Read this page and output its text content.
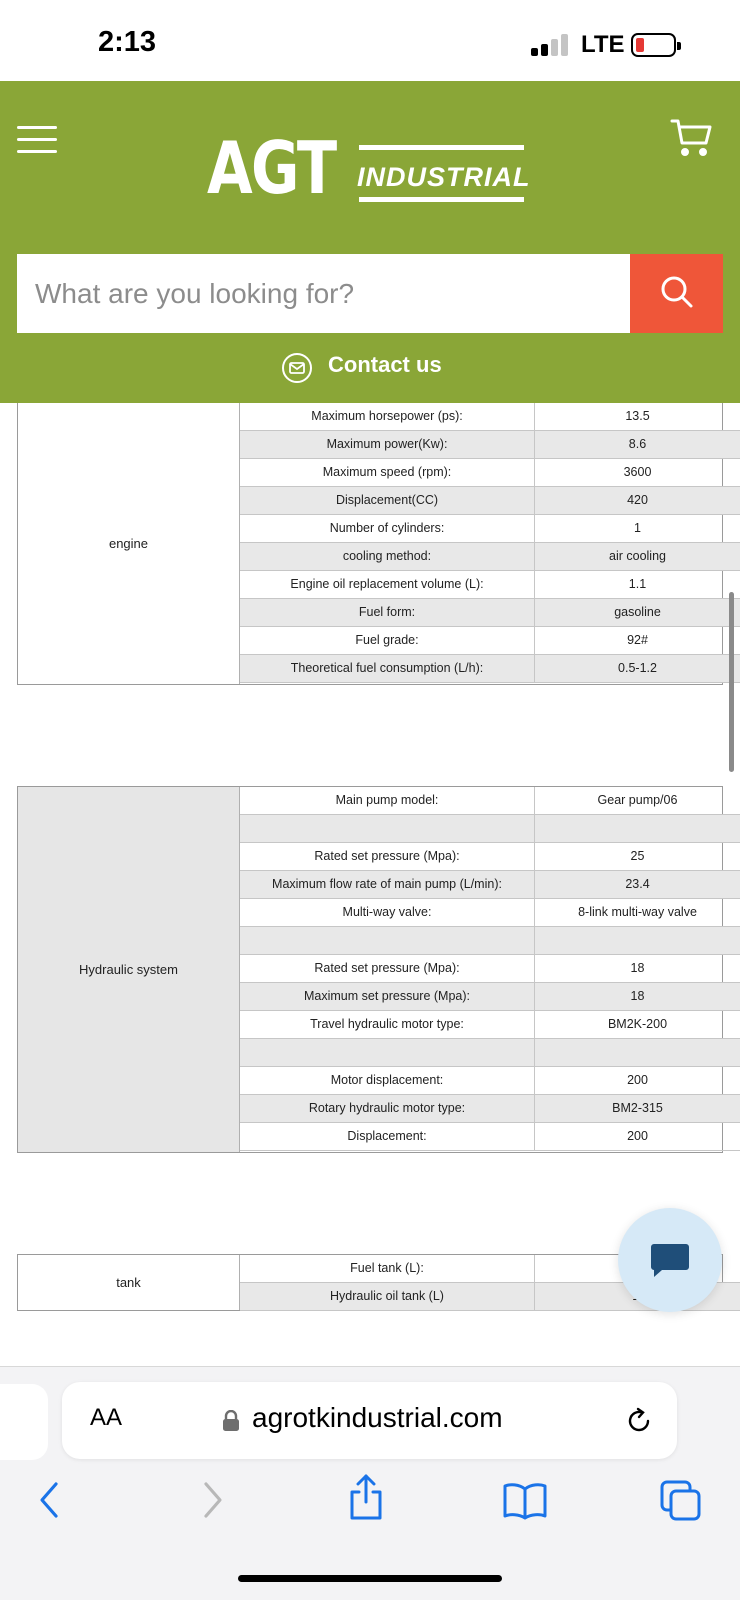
2:13	LTE
AGT INDUSTRIAL
What are you looking for?
Contact us
engine
Maximum horsepower (ps):	13.5
Maximum power(Kw):	8.6
Maximum speed (rpm):	3600
Displacement(CC)	420
Number of cylinders:	1
cooling method:	air cooling
Engine oil replacement volume (L):	1.1
Fuel form:	gasoline
Fuel grade:	92#
Theoretical fuel consumption (L/h):	0.5-1.2
Hydraulic system
Main pump model:	Gear pump/06
Rated set pressure (Mpa):	25
Maximum flow rate of main pump (L/min):	23.4
Multi-way valve:	8-link multi-way valve
Rated set pressure (Mpa):	18
Maximum set pressure (Mpa):	18
Travel hydraulic motor type:	BM2K-200
Motor displacement:	200
Rotary hydraulic motor type:	BM2-315
Displacement:	200
tank
Fuel tank (L):
Hydraulic oil tank (L)
AA	agrotkindustrial.com
